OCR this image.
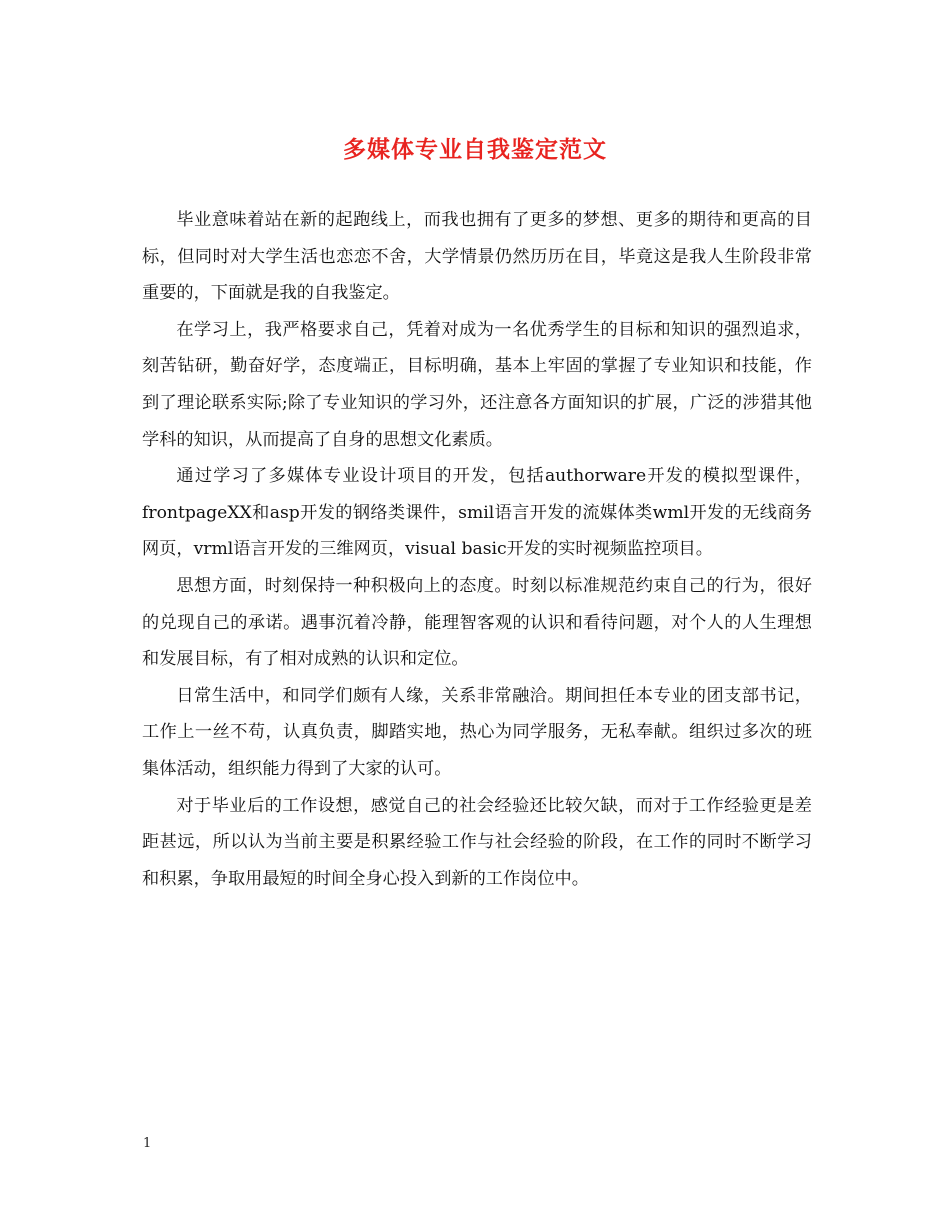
多媒体专业自我鉴定范文

毕业意味着站在新的起跑线上，而我也拥有了更多的梦想、更多的期待和更高的目标，但同时对大学生活也恋恋不舍，大学情景仍然历历在目，毕竟这是我人生阶段非常重要的，下面就是我的自我鉴定。

在学习上，我严格要求自己，凭着对成为一名优秀学生的目标和知识的强烈追求，刻苦钻研，勤奋好学，态度端正，目标明确，基本上牢固的掌握了专业知识和技能，作到了理论联系实际;除了专业知识的学习外，还注意各方面知识的扩展，广泛的涉猎其他学科的知识，从而提高了自身的思想文化素质。

通过学习了多媒体专业设计项目的开发，包括authorware开发的模拟型课件，frontpageXX和asp开发的钢络类课件，smil语言开发的流媒体类wml开发的无线商务网页，vrml语言开发的三维网页，visual basic开发的实时视频监控项目。

思想方面，时刻保持一种积极向上的态度。时刻以标准规范约束自己的行为，很好的兑现自己的承诺。遇事沉着冷静，能理智客观的认识和看待问题，对个人的人生理想和发展目标，有了相对成熟的认识和定位。

日常生活中，和同学们颇有人缘，关系非常融洽。期间担任本专业的团支部书记，工作上一丝不苟，认真负责，脚踏实地，热心为同学服务，无私奉献。组织过多次的班集体活动，组织能力得到了大家的认可。

对于毕业后的工作设想，感觉自己的社会经验还比较欠缺，而对于工作经验更是差距甚远，所以认为当前主要是积累经验工作与社会经验的阶段，在工作的同时不断学习和积累，争取用最短的时间全身心投入到新的工作岗位中。

1
